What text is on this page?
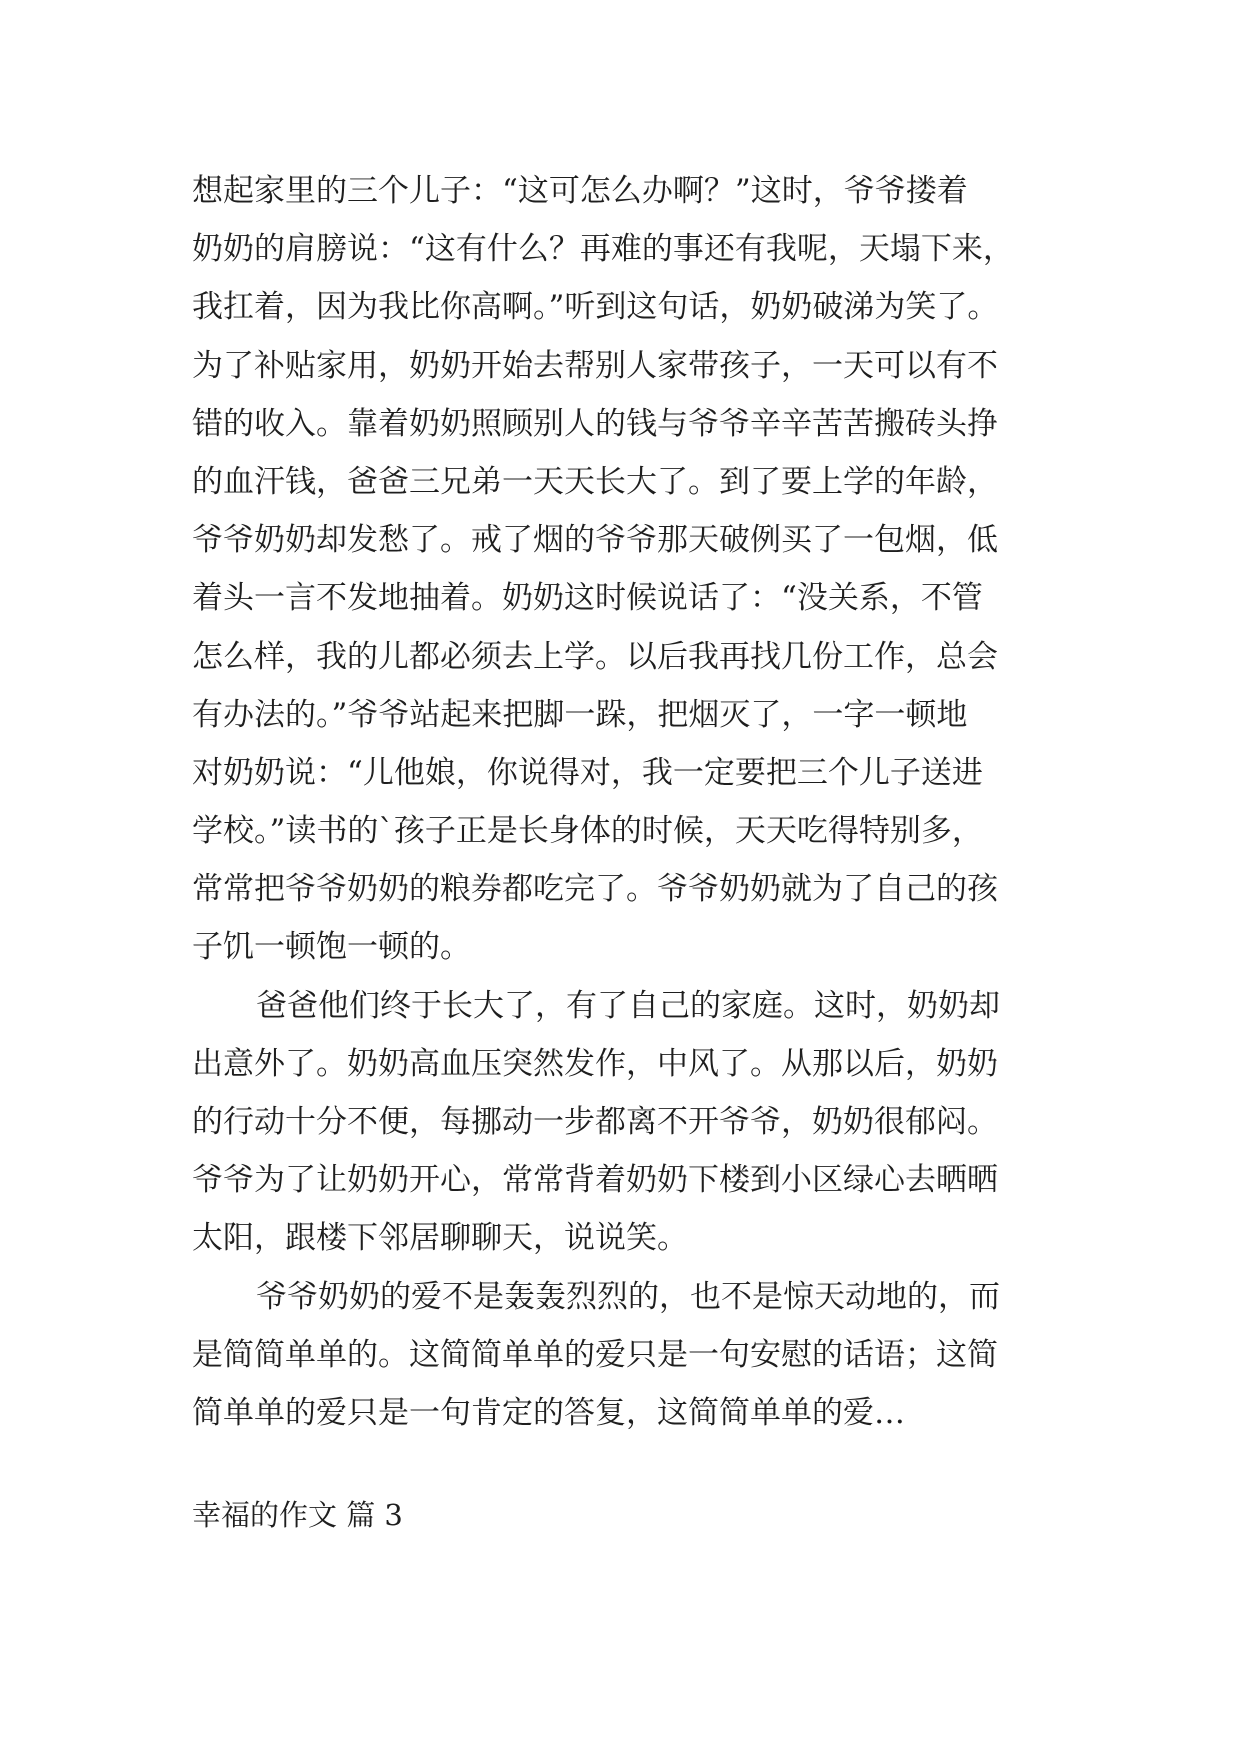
想起家里的三个儿子：“这可怎么办啊？”这时，爷爷搂着
奶奶的肩膀说：“这有什么？再难的事还有我呢，天塌下来，
我扛着，因为我比你高啊。”听到这句话，奶奶破涕为笑了。
为了补贴家用，奶奶开始去帮别人家带孩子，一天可以有不
错的收入。靠着奶奶照顾别人的钱与爷爷辛辛苦苦搬砖头挣
的血汗钱，爸爸三兄弟一天天长大了。到了要上学的年龄，
爷爷奶奶却发愁了。戒了烟的爷爷那天破例买了一包烟，低
着头一言不发地抽着。奶奶这时候说话了：“没关系，不管
怎么样，我的儿都必须去上学。以后我再找几份工作，总会
有办法的。”爷爷站起来把脚一跺，把烟灭了，一字一顿地
对奶奶说：“儿他娘，你说得对，我一定要把三个儿子送进
学校。”读书的`孩子正是长身体的时候，天天吃得特别多，
常常把爷爷奶奶的粮券都吃完了。爷爷奶奶就为了自己的孩
子饥一顿饱一顿的。
爸爸他们终于长大了，有了自己的家庭。这时，奶奶却
出意外了。奶奶高血压突然发作，中风了。从那以后，奶奶
的行动十分不便，每挪动一步都离不开爷爷，奶奶很郁闷。
爷爷为了让奶奶开心，常常背着奶奶下楼到小区绿心去晒晒
太阳，跟楼下邻居聊聊天，说说笑。
爷爷奶奶的爱不是轰轰烈烈的，也不是惊天动地的，而
是简简单单的。这简简单单的爱只是一句安慰的话语；这简
简单单的爱只是一句肯定的答复，这简简单单的爱…
幸福的作文 篇 3
